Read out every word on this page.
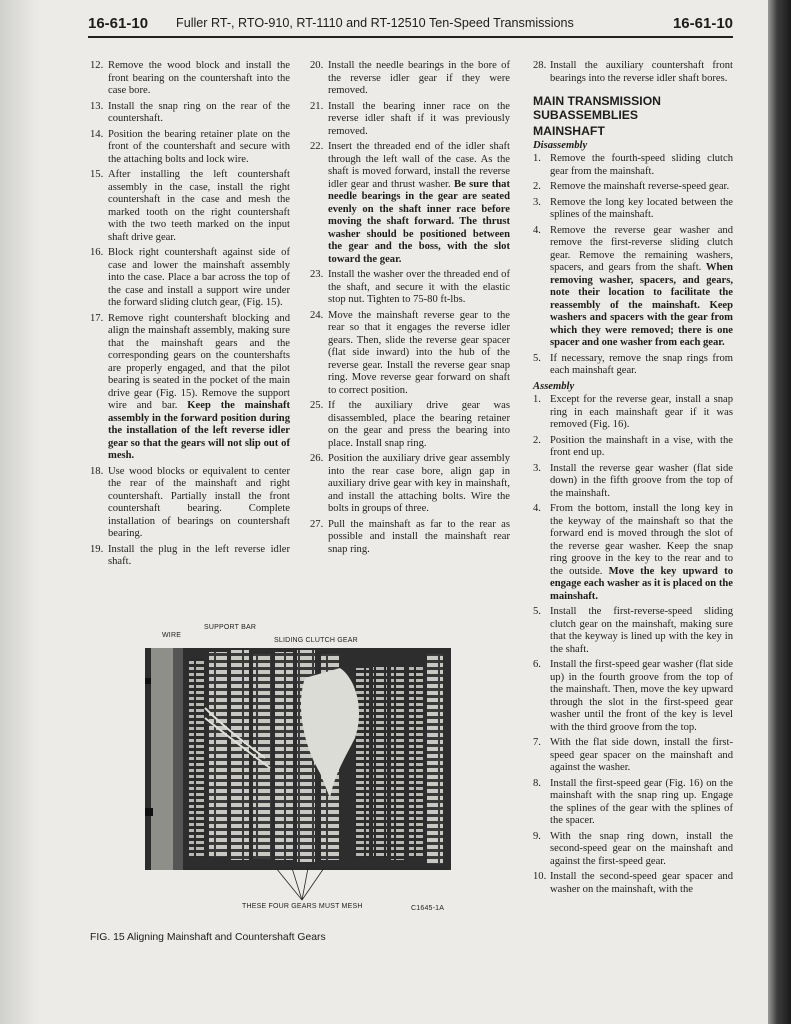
16-61-10 Fuller RT-, RTO-910, RT-1110 and RT-12510 Ten-Speed Transmissions	16-61-10
12. Remove the wood block and install the front bearing on the countershaft into the case bore.
13. Install the snap ring on the rear of the countershaft.
14. Position the bearing retainer plate on the front of the countershaft and secure with the attaching bolts and lock wire.
15. After installing the left countershaft assembly in the case, install the right countershaft in the case and mesh the marked tooth on the right countershaft with the two teeth marked on the input shaft drive gear.
16. Block right countershaft against side of case and lower the mainshaft assembly into the case. Place a bar across the top of the case and install a support wire under the forward sliding clutch gear, (Fig. 15).
17. Remove right countershaft blocking and align the mainshaft assembly, making sure that the mainshaft gears and the corresponding gears on the countershafts are properly engaged, and that the pilot bearing is seated in the pocket of the main drive gear (Fig. 15). Remove the support wire and bar. Keep the mainshaft assembly in the forward position during the installation of the left reverse idler gear so that the gears will not slip out of mesh.
18. Use wood blocks or equivalent to center the rear of the mainshaft and right countershaft. Partially install the front countershaft bearing. Complete installation of bearings on countershaft bearing.
19. Install the plug in the left reverse idler shaft.
20. Install the needle bearings in the bore of the reverse idler gear if they were removed.
21. Install the bearing inner race on the reverse idler shaft if it was previously removed.
22. Insert the threaded end of the idler shaft through the left wall of the case. As the shaft is moved forward, install the reverse idler gear and thrust washer. Be sure that needle bearings in the gear are seated evenly on the shaft inner race before moving the shaft forward. The thrust washer should be positioned between the gear and the boss, with the slot toward the gear.
23. Install the washer over the threaded end of the shaft, and secure it with the elastic stop nut. Tighten to 75-80 ft-lbs.
24. Move the mainshaft reverse gear to the rear so that it engages the reverse idler gears. Then, slide the reverse gear spacer (flat side inward) into the hub of the reverse gear. Install the reverse gear snap ring. Move reverse gear forward on shaft to correct position.
25. If the auxiliary drive gear was disassembled, place the bearing retainer on the gear and press the bearing into place. Install snap ring.
26. Position the auxiliary drive gear assembly into the rear case bore, align gap in auxiliary drive gear with key in mainshaft, and install the attaching bolts. Wire the bolts in groups of three.
27. Pull the mainshaft as far to the rear as possible and install the mainshaft rear snap ring.
28. Install the auxiliary countershaft front bearings into the reverse idler shaft bores.
MAIN TRANSMISSION SUBASSEMBLIES
MAINSHAFT
Disassembly
1. Remove the fourth-speed sliding clutch gear from the mainshaft.
2. Remove the mainshaft reverse-speed gear.
3. Remove the long key located between the splines of the mainshaft.
4. Remove the reverse gear washer and remove the first-reverse sliding clutch gear. Remove the remaining washers, spacers, and gears from the shaft. When removing washer, spacers, and gears, note their location to facilitate the reassembly of the mainshaft. Keep washers and spacers with the gear from which they were removed; there is one spacer and one washer from each gear.
5. If necessary, remove the snap rings from each mainshaft gear.
Assembly
1. Except for the reverse gear, install a snap ring in each mainshaft gear if it was removed (Fig. 16).
2. Position the mainshaft in a vise, with the front end up.
3. Install the reverse gear washer (flat side down) in the fifth groove from the top of the mainshaft.
4. From the bottom, install the long key in the keyway of the mainshaft so that the forward end is moved through the slot of the reverse gear washer. Keep the snap ring groove in the key to the rear and to the outside. Move the key upward to engage each washer as it is placed on the mainshaft.
5. Install the first-reverse-speed sliding clutch gear on the mainshaft, making sure that the keyway is lined up with the key in the shaft.
6. Install the first-speed gear washer (flat side up) in the fourth groove from the top of the mainshaft. Then, move the key upward through the slot in the first-speed gear washer until the front of the key is level with the third groove from the top.
7. With the flat side down, install the first-speed gear spacer on the mainshaft and against the washer.
8. Install the first-speed gear (Fig. 16) on the mainshaft with the snap ring up. Engage the splines of the gear with the splines of the spacer.
9. With the snap ring down, install the second-speed gear on the mainshaft and against the first-speed gear.
10. Install the second-speed gear spacer and washer on the mainshaft, with the
WIRE
SUPPORT BAR
SLIDING CLUTCH GEAR
THESE FOUR GEARS MUST MESH	C1645-1A
FIG. 15 Aligning Mainshaft and Countershaft Gears
